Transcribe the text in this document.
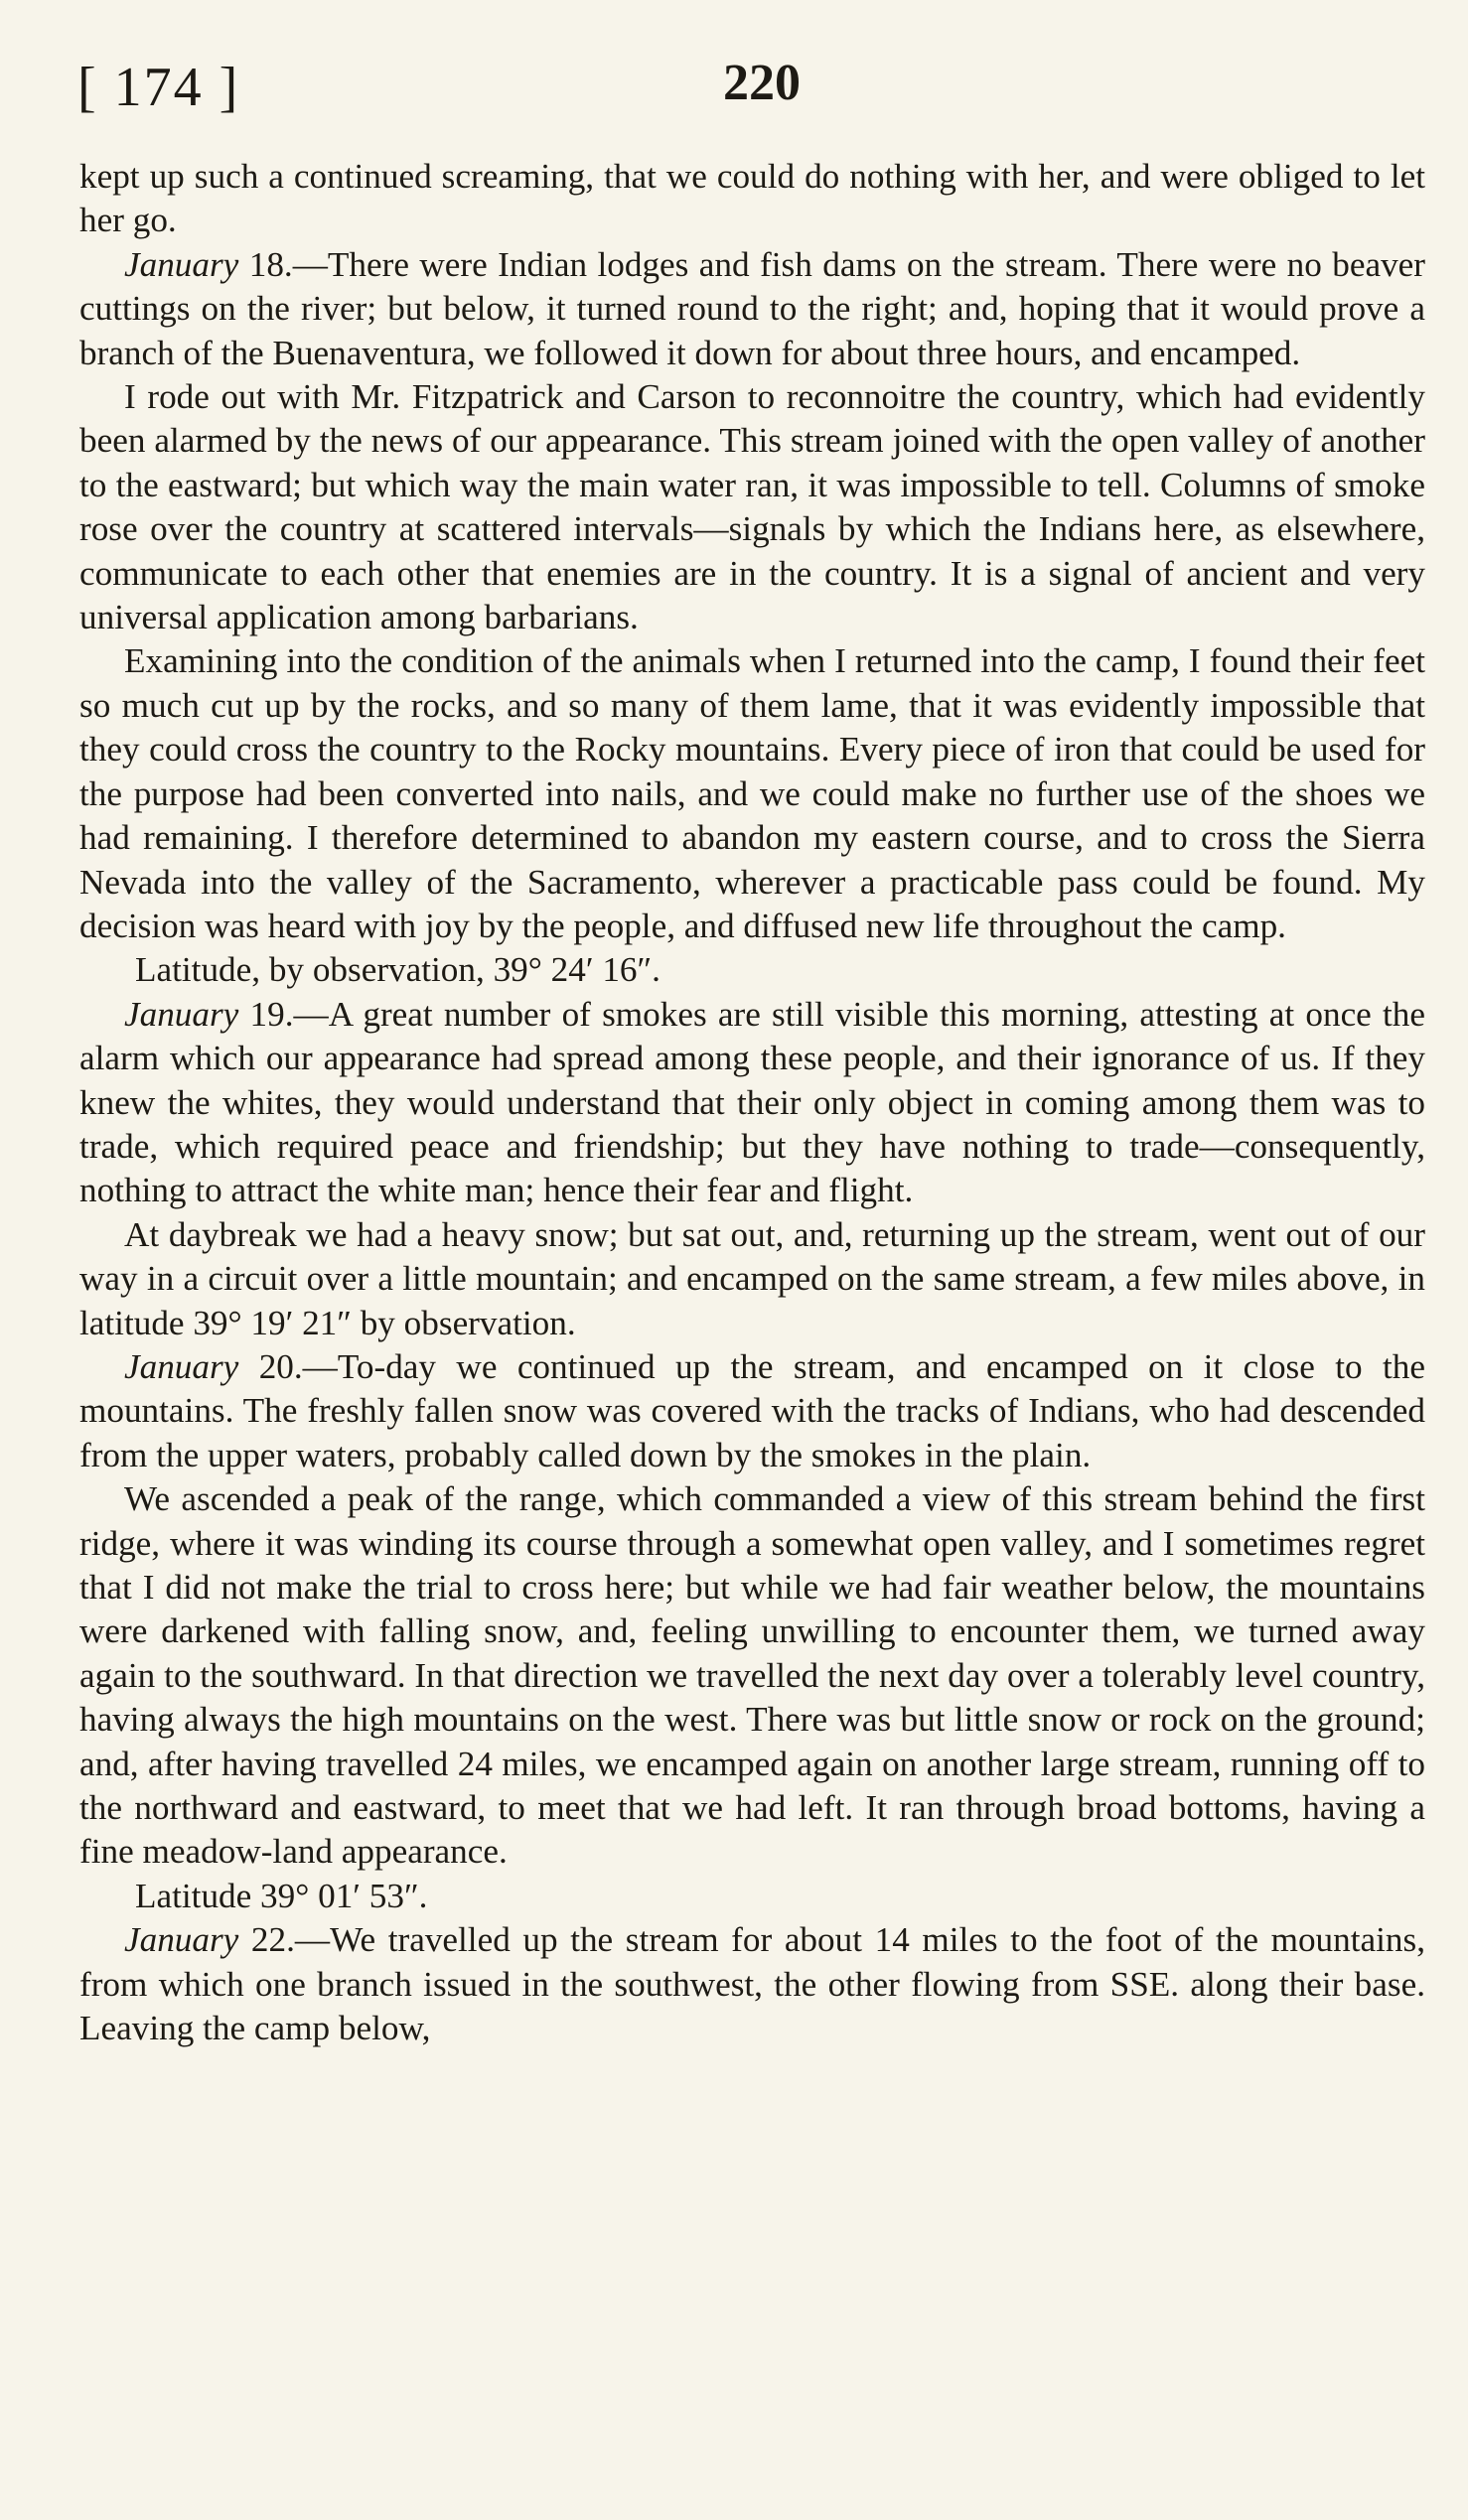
[ 174 ]	220

kept up such a continued screaming, that we could do nothing with her, and were obliged to let her go.

January 18.—There were Indian lodges and fish dams on the stream. There were no beaver cuttings on the river; but below, it turned round to the right; and, hoping that it would prove a branch of the Buenaventura, we followed it down for about three hours, and encamped.

I rode out with Mr. Fitzpatrick and Carson to reconnoitre the country, which had evidently been alarmed by the news of our appearance. This stream joined with the open valley of another to the eastward; but which way the main water ran, it was impossible to tell. Columns of smoke rose over the country at scattered intervals—signals by which the Indians here, as elsewhere, communicate to each other that enemies are in the country. It is a signal of ancient and very universal application among barbarians.

Examining into the condition of the animals when I returned into the camp, I found their feet so much cut up by the rocks, and so many of them lame, that it was evidently impossible that they could cross the country to the Rocky mountains. Every piece of iron that could be used for the purpose had been converted into nails, and we could make no further use of the shoes we had remaining. I therefore determined to abandon my eastern course, and to cross the Sierra Nevada into the valley of the Sacramento, wherever a practicable pass could be found. My decision was heard with joy by the people, and diffused new life throughout the camp.

Latitude, by observation, 39° 24′ 16″.

January 19.—A great number of smokes are still visible this morning, attesting at once the alarm which our appearance had spread among these people, and their ignorance of us. If they knew the whites, they would understand that their only object in coming among them was to trade, which required peace and friendship; but they have nothing to trade—consequently, nothing to attract the white man; hence their fear and flight.

At daybreak we had a heavy snow; but sat out, and, returning up the stream, went out of our way in a circuit over a little mountain; and encamped on the same stream, a few miles above, in latitude 39° 19′ 21″ by observation.

January 20.—To-day we continued up the stream, and encamped on it close to the mountains. The freshly fallen snow was covered with the tracks of Indians, who had descended from the upper waters, probably called down by the smokes in the plain.

We ascended a peak of the range, which commanded a view of this stream behind the first ridge, where it was winding its course through a somewhat open valley, and I sometimes regret that I did not make the trial to cross here; but while we had fair weather below, the mountains were darkened with falling snow, and, feeling unwilling to encounter them, we turned away again to the southward. In that direction we travelled the next day over a tolerably level country, having always the high mountains on the west. There was but little snow or rock on the ground; and, after having travelled 24 miles, we encamped again on another large stream, running off to the northward and eastward, to meet that we had left. It ran through broad bottoms, having a fine meadow-land appearance.

Latitude 39° 01′ 53″.

January 22.—We travelled up the stream for about 14 miles to the foot of the mountains, from which one branch issued in the southwest, the other flowing from SSE. along their base. Leaving the camp below,
